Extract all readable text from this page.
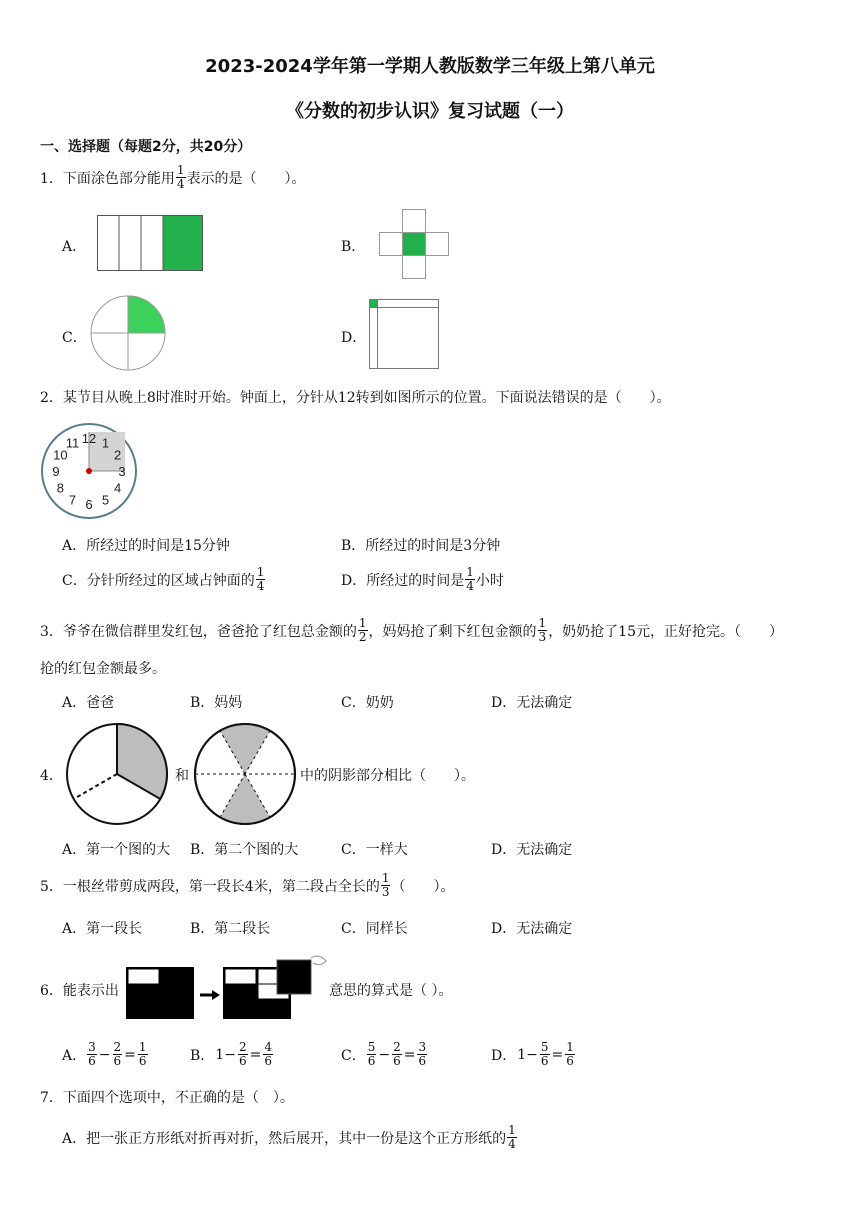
2023-2024学年第一学期人教版数学三年级上第八单元
《分数的初步认识》复习试题（一）
一、选择题（每题2分，共20分）
1．下面涂色部分能用 $\frac{1}{4}$ 表示的是（　　）。
A．	B．
C．	D．
2．某节目从晚上8时准时开始。钟面上，分针从12转到如图所示的位置。下面说法错误的是（　　）。
12 1
2
3
4
5
6
7
8
9
10
11
A．所经过的时间是15分钟	B．所经过的时间是3分钟
C．分针所经过的区域占钟面的 $\frac{1}{4}$	D．所经过的时间是 $\frac{1}{4}$ 小时
3．爷爷在微信群里发红包，爸爸抢了红包总金额的 $\frac{1}{2}$ ，妈妈抢了剩下红包金额的 $\frac{1}{3}$ ，奶奶抢了15元，正好抢完。（　　）
抢的红包金额最多。
A．爸爸	B．妈妈	C．奶奶	D．无法确定
4．	和	中的阴影部分相比（　　）。
A．第一个图的大 B．第二个图的大	C．一样大	D．无法确定
5．一根丝带剪成两段，第一段长4米，第二段占全长的 $\frac{1}{3}$ （　　）。
A．第一段长	B．第二段长	C．同样长	D．无法确定
6．能表示出	意思的算式是（ ）。
A． $\frac{3}{6} - \frac{2}{6} = \frac{1}{6}$	B．$1- \frac{2}{6} = \frac{4}{6}$	C． $\frac{5}{6} - \frac{2}{6} = \frac{3}{6}$	D．$1- \frac{5}{6} = \frac{1}{6}$
7．下面四个选项中，不正确的是（　）。
A．把一张正方形纸对折再对折，然后展开，其中一份是这个正方形纸的 $\frac{1}{4}$
